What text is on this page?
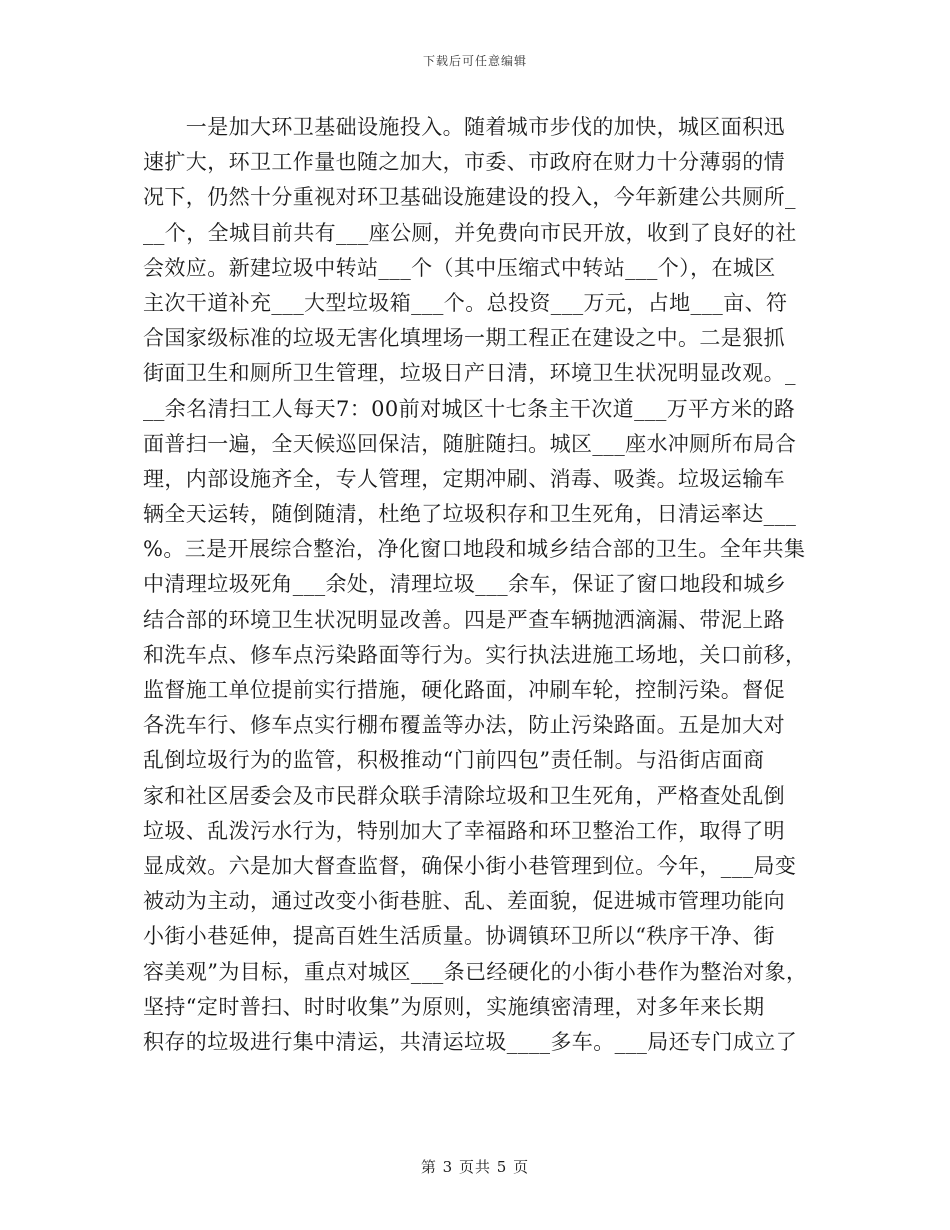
下载后可任意编辑
　　一是加大环卫基础设施投入。随着城市步伐的加快，城区面积迅
速扩大，环卫工作量也随之加大，市委、市政府在财力十分薄弱的情
况下，仍然十分重视对环卫基础设施建设的投入，今年新建公共厕所_
__个，全城目前共有___座公厕，并免费向市民开放，收到了良好的社
会效应。新建垃圾中转站___个（其中压缩式中转站___个），在城区
主次干道补充___大型垃圾箱___个。总投资___万元，占地___亩、符
合国家级标准的垃圾无害化填埋场一期工程正在建设之中。二是狠抓
街面卫生和厕所卫生管理，垃圾日产日清，环境卫生状况明显改观。_
__余名清扫工人每天7：00前对城区十七条主干次道___万平方米的路
面普扫一遍，全天候巡回保洁，随脏随扫。城区___座水冲厕所布局合
理，内部设施齐全，专人管理，定期冲刷、消毒、吸粪。垃圾运输车
辆全天运转，随倒随清，杜绝了垃圾积存和卫生死角，日清运率达___
%。三是开展综合整治，净化窗口地段和城乡结合部的卫生。全年共集
中清理垃圾死角___余处，清理垃圾___余车，保证了窗口地段和城乡
结合部的环境卫生状况明显改善。四是严查车辆抛洒滴漏、带泥上路
和洗车点、修车点污染路面等行为。实行执法进施工场地，关口前移，
监督施工单位提前实行措施，硬化路面，冲刷车轮，控制污染。督促
各洗车行、修车点实行棚布覆盖等办法，防止污染路面。五是加大对
乱倒垃圾行为的监管，积极推动“门前四包”责任制。与沿街店面商
家和社区居委会及市民群众联手清除垃圾和卫生死角，严格查处乱倒
垃圾、乱泼污水行为，特别加大了幸福路和环卫整治工作，取得了明
显成效。六是加大督查监督，确保小街小巷管理到位。今年，___局变
被动为主动，通过改变小街巷脏、乱、差面貌，促进城市管理功能向
小街小巷延伸，提高百姓生活质量。协调镇环卫所以“秩序干净、街
容美观”为目标，重点对城区___条已经硬化的小街小巷作为整治对象，
坚持“定时普扫、时时收集”为原则，实施缜密清理，对多年来长期
积存的垃圾进行集中清运，共清运垃圾____多车。___局还专门成立了
第 3 页共 5 页
